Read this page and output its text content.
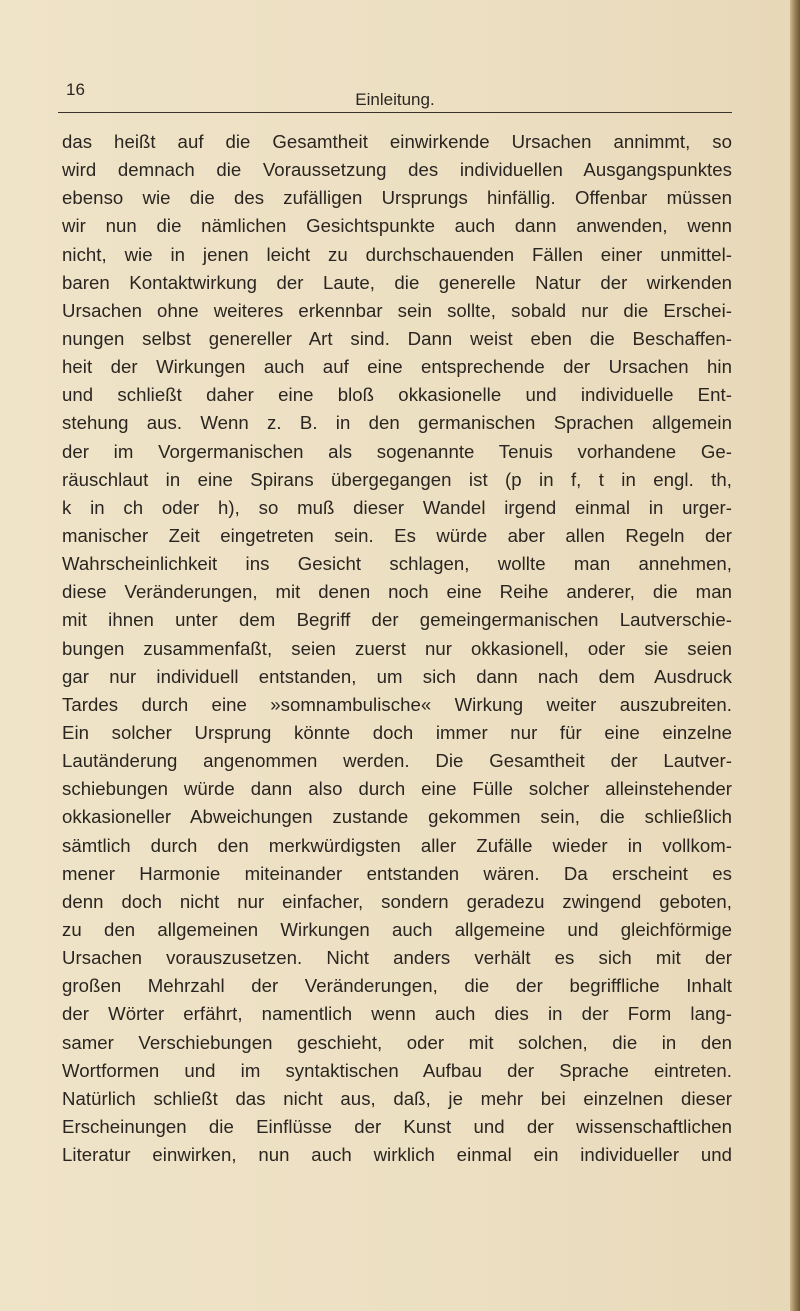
16
Einleitung.
das heißt auf die Gesamtheit einwirkende Ursachen annimmt, so
wird demnach die Voraussetzung des individuellen Ausgangspunktes
ebenso wie die des zufälligen Ursprungs hinfällig. Offenbar müssen
wir nun die nämlichen Gesichtspunkte auch dann anwenden, wenn
nicht, wie in jenen leicht zu durchschauenden Fällen einer unmittel-
baren Kontaktwirkung der Laute, die generelle Natur der wirkenden
Ursachen ohne weiteres erkennbar sein sollte, sobald nur die Erschei-
nungen selbst genereller Art sind. Dann weist eben die Beschaffen-
heit der Wirkungen auch auf eine entsprechende der Ursachen hin
und schließt daher eine bloß okkasionelle und individuelle Ent-
stehung aus. Wenn z. B. in den germanischen Sprachen allgemein
der im Vorgermanischen als sogenannte Tenuis vorhandene Ge-
räuschlaut in eine Spirans übergegangen ist (p in f, t in engl. th,
k in ch oder h), so muß dieser Wandel irgend einmal in urger-
manischer Zeit eingetreten sein. Es würde aber allen Regeln der
Wahrscheinlichkeit ins Gesicht schlagen, wollte man annehmen,
diese Veränderungen, mit denen noch eine Reihe anderer, die man
mit ihnen unter dem Begriff der gemeingermanischen Lautverschie-
bungen zusammenfaßt, seien zuerst nur okkasionell, oder sie seien
gar nur individuell entstanden, um sich dann nach dem Ausdruck
Tardes durch eine »somnambulische« Wirkung weiter auszubreiten.
Ein solcher Ursprung könnte doch immer nur für eine einzelne
Lautänderung angenommen werden. Die Gesamtheit der Lautver-
schiebungen würde dann also durch eine Fülle solcher alleinstehender
okkasioneller Abweichungen zustande gekommen sein, die schließlich
sämtlich durch den merkwürdigsten aller Zufälle wieder in vollkom-
mener Harmonie miteinander entstanden wären. Da erscheint es
denn doch nicht nur einfacher, sondern geradezu zwingend geboten,
zu den allgemeinen Wirkungen auch allgemeine und gleichförmige
Ursachen vorauszusetzen. Nicht anders verhält es sich mit der
großen Mehrzahl der Veränderungen, die der begriffliche Inhalt
der Wörter erfährt, namentlich wenn auch dies in der Form lang-
samer Verschiebungen geschieht, oder mit solchen, die in den
Wortformen und im syntaktischen Aufbau der Sprache eintreten.
Natürlich schließt das nicht aus, daß, je mehr bei einzelnen dieser
Erscheinungen die Einflüsse der Kunst und der wissenschaftlichen
Literatur einwirken, nun auch wirklich einmal ein individueller und
